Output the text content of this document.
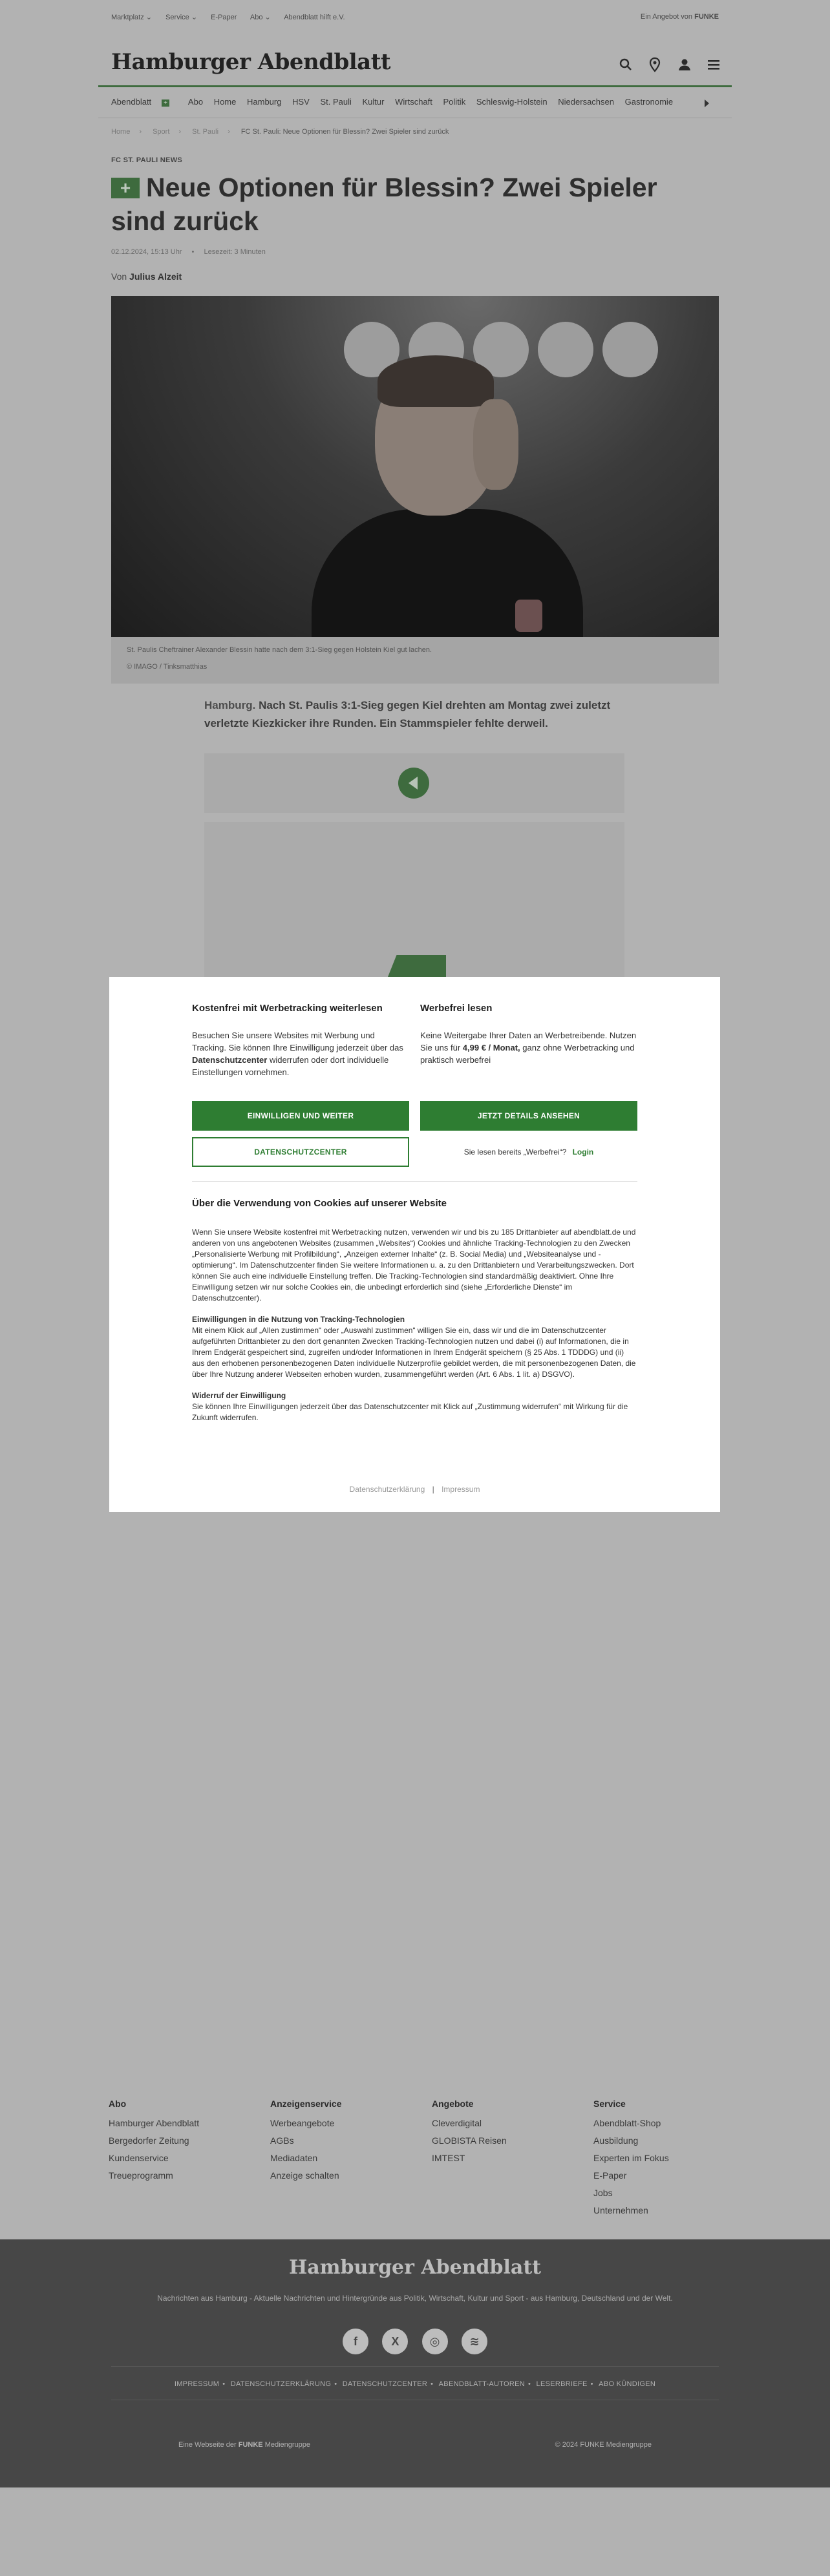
Marktplatz ⌄ Service ⌄ E-Paper Abo ⌄ Abendblatt hilft e.V.	Ein Angebot von FUNKE
Hamburger Abendblatt
Abendblatt + Abo Home Hamburg HSV St. Pauli Kultur Wirtschaft Politik Schleswig-Holstein Niedersachsen Gastronomie
Home › Sport › St. Pauli › FC St. Pauli: Neue Optionen für Blessin? Zwei Spieler sind zurück
FC ST. PAULI NEWS
+ Neue Optionen für Blessin? Zwei Spieler sind zurück
02.12.2024, 15:13 Uhr • Lesezeit: 3 Minuten
Von Julius Alzeit
St. Paulis Cheftrainer Alexander Blessin hatte nach dem 3:1-Sieg gegen Holstein Kiel gut lachen.
© IMAGO / Tinksmatthias
Hamburg. Nach St. Paulis 3:1-Sieg gegen Kiel drehten am Montag zwei zuletzt verletzte Kiezkicker ihre Runden. Ein Stammspieler fehlte derweil.
Kostenfrei mit Werbetracking weiterlesen

Besuchen Sie unsere Websites mit Werbung und Tracking. Sie können Ihre Einwilligung jederzeit über das Datenschutzcenter widerrufen oder dort individuelle Einstellungen vornehmen.

Werbefrei lesen

Keine Weitergabe Ihrer Daten an Werbetreibende. Nutzen Sie uns für 4,99 € / Monat, ganz ohne Werbetracking und praktisch werbefrei

EINWILLIGEN UND WEITER	JETZT DETAILS ANSEHEN
DATENSCHUTZCENTER	Sie lesen bereits „Werbefrei“? Login
Über die Verwendung von Cookies auf unserer Website

Wenn Sie unsere Website kostenfrei mit Werbetracking nutzen, verwenden wir und bis zu 185 Drittanbieter auf abendblatt.de und anderen von uns angebotenen Websites (zusammen „Websites“) Cookies und ähnliche Tracking-Technologien zu den Zwecken „Personalisierte Werbung mit Profilbildung“, „Anzeigen externer Inhalte“ (z. B. Social Media) und „Websiteanalyse und -optimierung“. Im Datenschutzcenter finden Sie weitere Informationen u. a. zu den Drittanbietern und Verarbeitungszwecken. Dort können Sie auch eine individuelle Einstellung treffen. Die Tracking-Technologien sind standardmäßig deaktiviert. Ohne Ihre Einwilligung setzen wir nur solche Cookies ein, die unbedingt erforderlich sind (siehe „Erforderliche Dienste“ im Datenschutzcenter).

Einwilligungen in die Nutzung von Tracking-Technologien
Mit einem Klick auf „Allen zustimmen“ oder „Auswahl zustimmen“ willigen Sie ein, dass wir und die im Datenschutzcenter aufgeführten Drittanbieter zu den dort genannten Zwecken Tracking-Technologien nutzen und dabei (i) auf Informationen, die in Ihrem Endgerät gespeichert sind, zugreifen und/oder Informationen in Ihrem Endgerät speichern (§ 25 Abs. 1 TDDDG) und (ii) aus den erhobenen personenbezogenen Daten individuelle Nutzerprofile gebildet werden, die mit personenbezogenen Daten, die über Ihre Nutzung anderer Webseiten erhoben wurden, zusammengeführt werden (Art. 6 Abs. 1 lit. a) DSGVO).

Widerruf der Einwilligung
Sie können Ihre Einwilligungen jederzeit über das Datenschutzcenter mit Klick auf „Zustimmung widerrufen“ mit Wirkung für die Zukunft widerrufen.

Datenschutzerklärung | Impressum
Abo
Hamburger Abendblatt
Bergedorfer Zeitung
Kundenservice
Treueprogramm
Anzeigenservice
Werbeangebote
AGBs
Mediadaten
Anzeige schalten
Angebote
Cleverdigital
GLOBISTA Reisen
IMTEST
Service
Abendblatt-Shop
Ausbildung
Experten im Fokus
E-Paper
Jobs
Unternehmen
Hamburger Abendblatt
Nachrichten aus Hamburg - Aktuelle Nachrichten und Hintergründe aus Politik, Wirtschaft, Kultur und Sport - aus Hamburg, Deutschland und der Welt.
f	X	◎	≋
IMPRESSUM • DATENSCHUTZERKLÄRUNG • DATENSCHUTZCENTER • ABENDBLATT-AUTOREN • LESERBRIEFE • ABO KÜNDIGEN
Eine Webseite der FUNKE Mediengruppe	© 2024 FUNKE Mediengruppe
